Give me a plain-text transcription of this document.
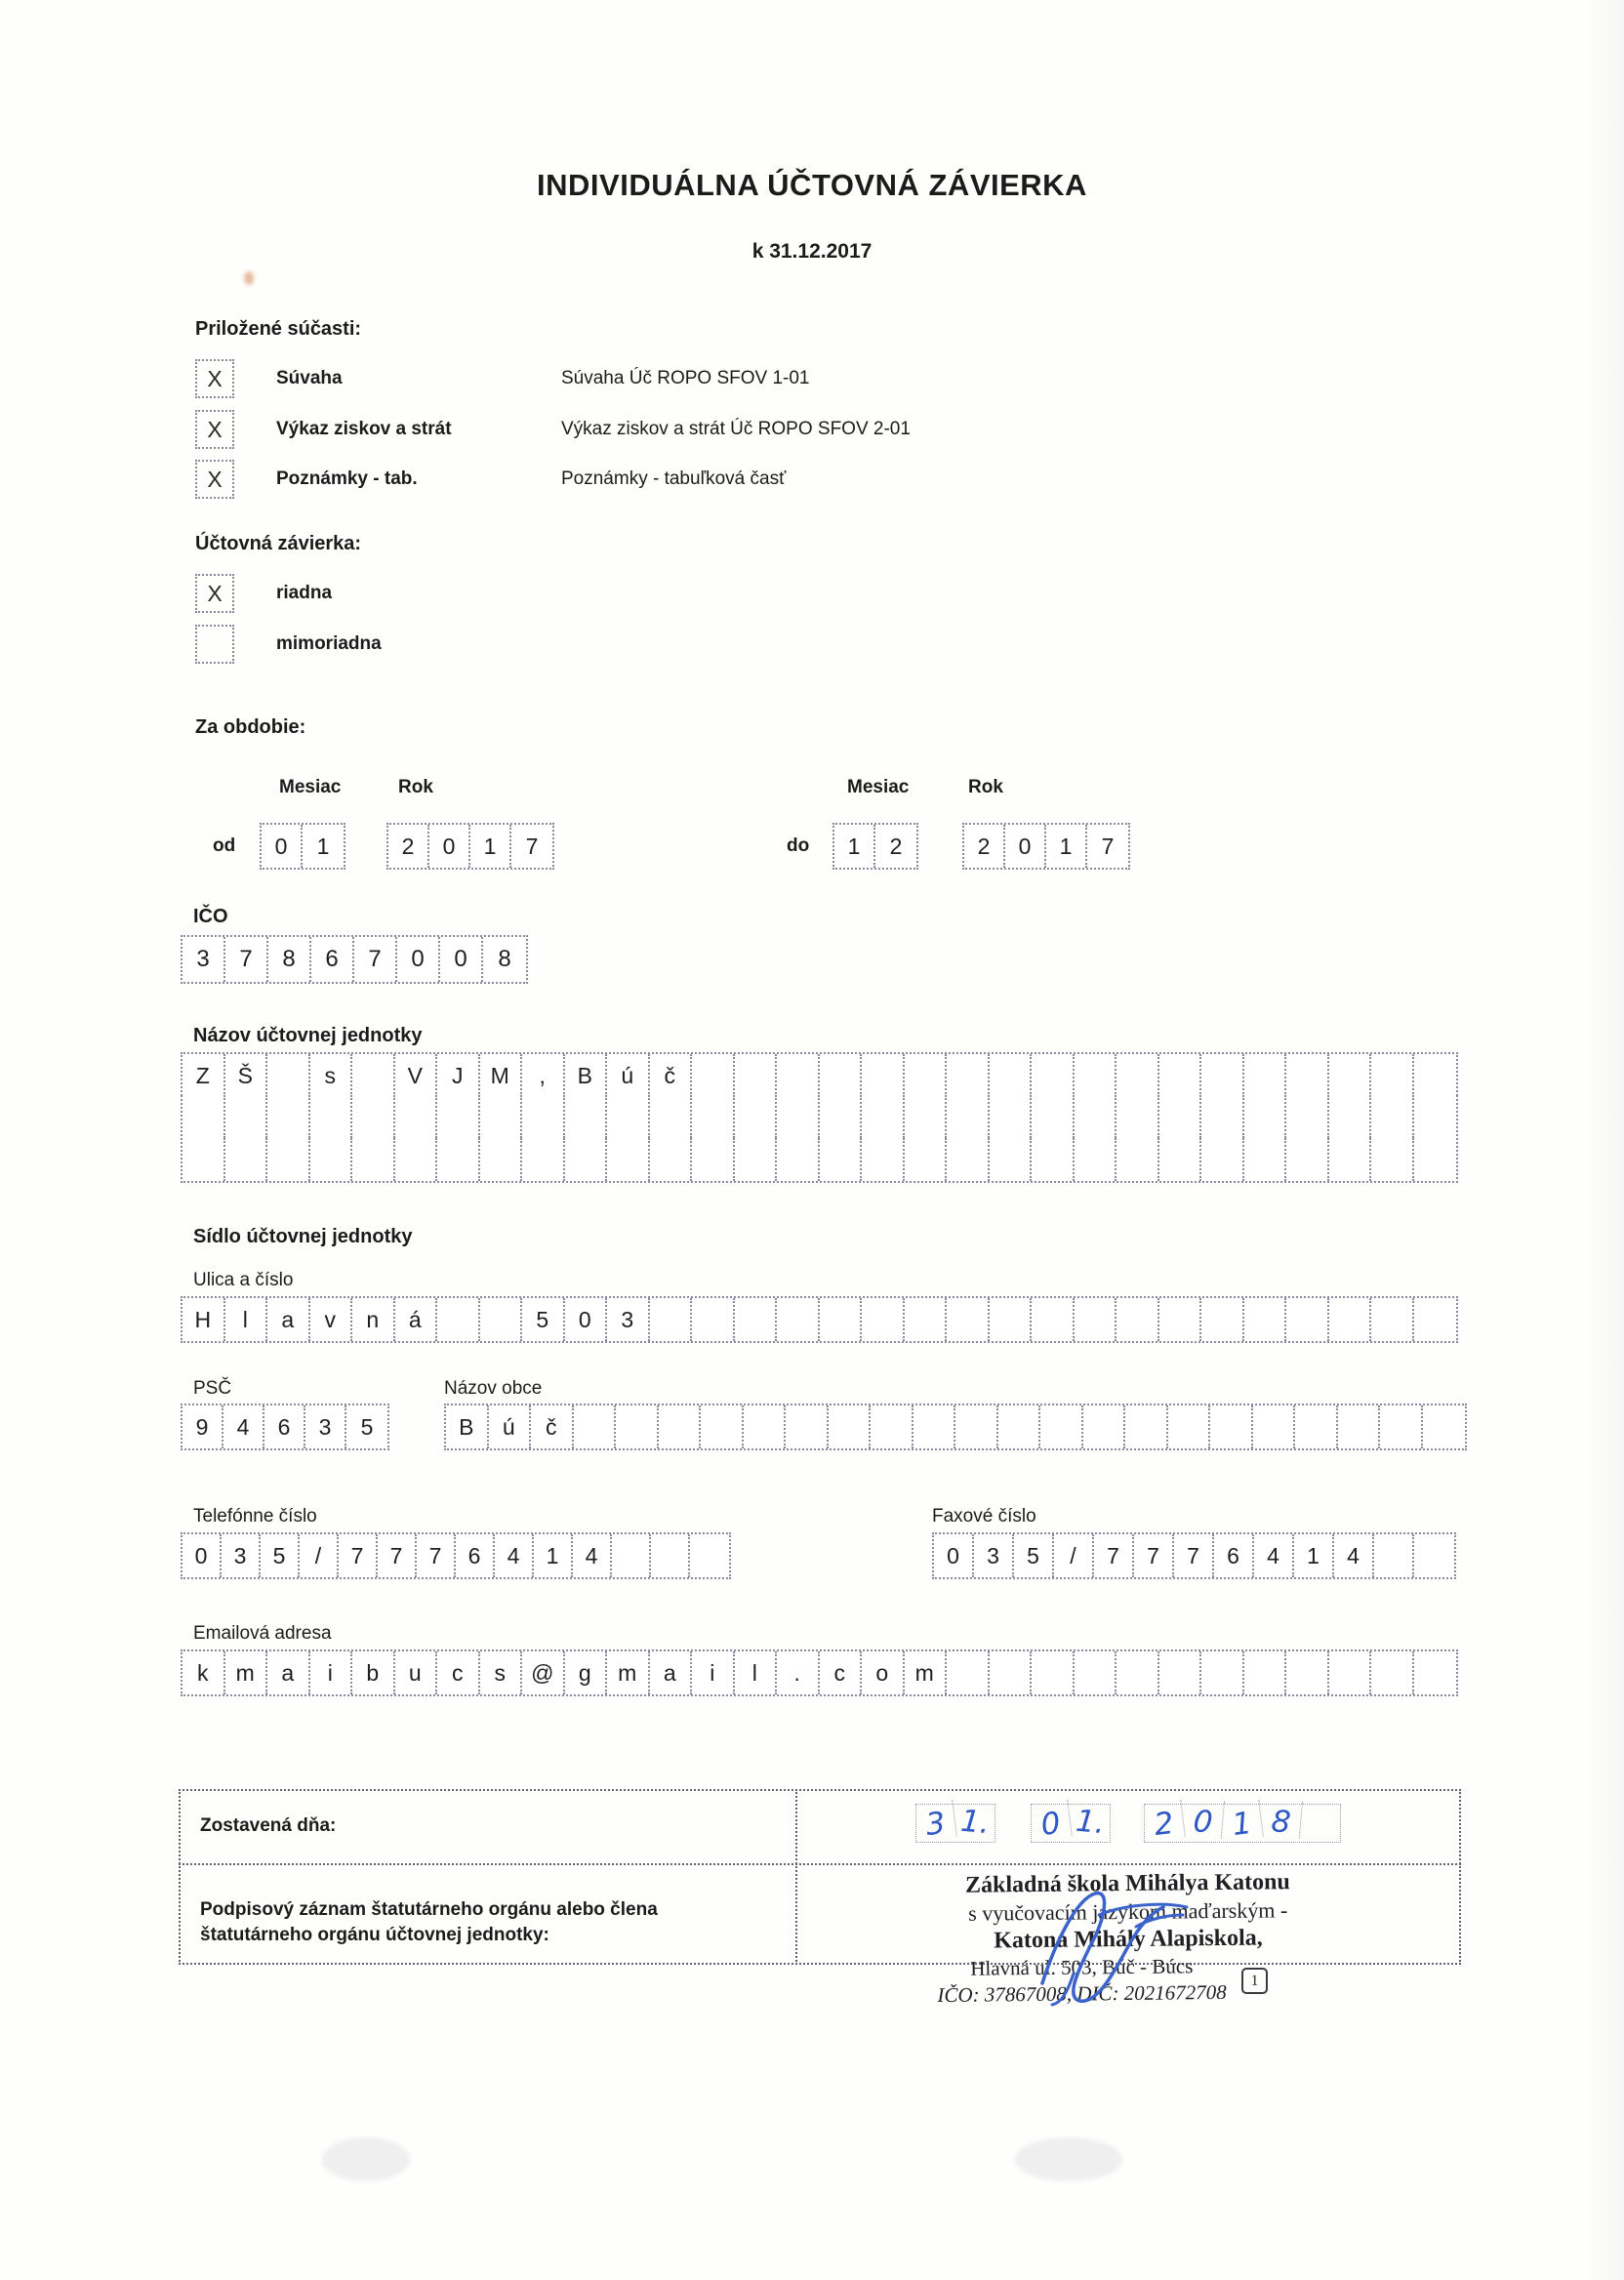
INDIVIDUÁLNA ÚČTOVNÁ ZÁVIERKA
k 31.12.2017
Priložené súčasti:
X	Súvaha	Súvaha Úč ROPO SFOV 1-01
X	Výkaz ziskov a strát	Výkaz ziskov a strát Úč ROPO SFOV 2-01
X	Poznámky - tab.	Poznámky - tabuľková časť
Účtovná závierka:
X	riadna
mimoriadna
Za obdobie:
Mesiac	Rok	Mesiac	Rok
od	0	1	2	0	1	7	do	1	2	2	0	1	7
IČO
3	7	8	6	7	0	0	8
Názov účtovnej jednotky
Z	Š	s	V	J	M	,	B	ú	č
Sídlo účtovnej jednotky
Ulica a číslo
H	l	a	v	n	á	5	0	3
PSČ
9	4	6	3	5
Názov obce
B	ú	č
Telefónne číslo
0	3	5	/	7	7	7	6	4	1	4
Faxové číslo
0	3	5	/	7	7	7	6	4	1	4
Emailová adresa
k	m	a	i	b	u	c	s	@	g	m	a	i	l	.	c	o	m
Zostavená dňa:	3 1.	0 1.	2 0 1 8
Podpisový záznam štatutárneho orgánu alebo člena štatutárneho orgánu účtovnej jednotky:
Základná škola Mihálya Katonu
s vyučovacím jazykom maďarským -
Katona Mihály Alapiskola,
Hlavná ul. 503, Búč - Búcs
IČO: 37867008, DIČ: 2021672708	1
